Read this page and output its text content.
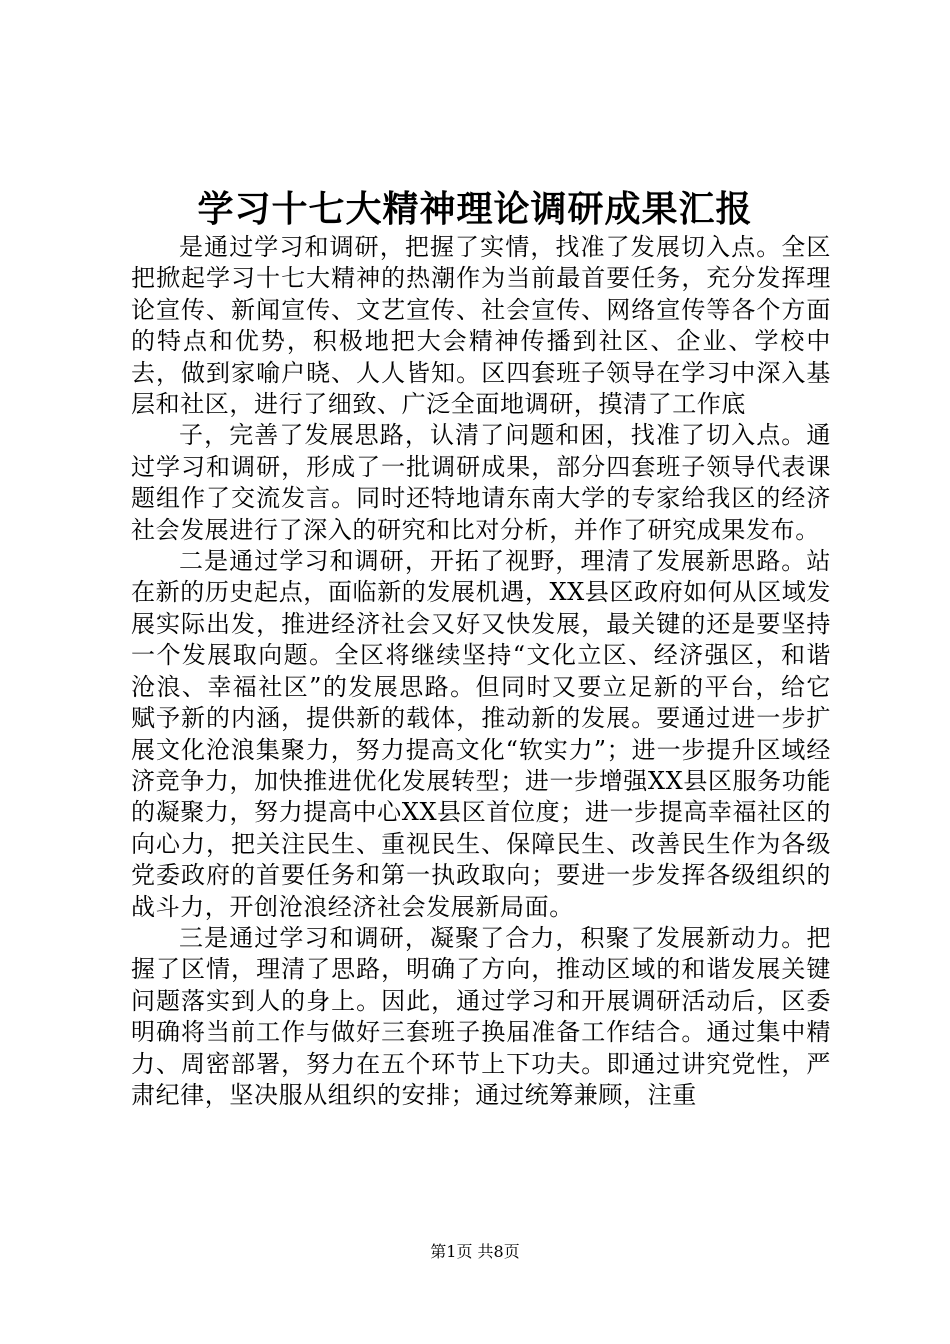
学习十七大精神理论调研成果汇报

是通过学习和调研，把握了实情，找准了发展切入点。全区把掀起学习十七大精神的热潮作为当前最首要任务，充分发挥理论宣传、新闻宣传、文艺宣传、社会宣传、网络宣传等各个方面的特点和优势，积极地把大会精神传播到社区、企业、学校中去，做到家喻户晓、人人皆知。区四套班子领导在学习中深入基层和社区，进行了细致、广泛全面地调研，摸清了工作底

子，完善了发展思路，认清了问题和困，找准了切入点。通过学习和调研，形成了一批调研成果，部分四套班子领导代表课题组作了交流发言。同时还特地请东南大学的专家给我区的经济社会发展进行了深入的研究和比对分析，并作了研究成果发布。

二是通过学习和调研，开拓了视野，理清了发展新思路。站在新的历史起点，面临新的发展机遇，XX县区政府如何从区域发展实际出发，推进经济社会又好又快发展，最关键的还是要坚持一个发展取向题。全区将继续坚持“文化立区、经济强区，和谐沧浪、幸福社区”的发展思路。但同时又要立足新的平台，给它赋予新的内涵，提供新的载体，推动新的发展。要通过进一步扩展文化沧浪集聚力，努力提高文化“软实力”；进一步提升区域经济竞争力，加快推进优化发展转型；进一步增强XX县区服务功能的凝聚力，努力提高中心XX县区首位度；进一步提高幸福社区的向心力，把关注民生、重视民生、保障民生、改善民生作为各级党委政府的首要任务和第一执政取向；要进一步发挥各级组织的战斗力，开创沧浪经济社会发展新局面。

三是通过学习和调研，凝聚了合力，积聚了发展新动力。把握了区情，理清了思路，明确了方向，推动区域的和谐发展关键问题落实到人的身上。因此，通过学习和开展调研活动后，区委明确将当前工作与做好三套班子换届准备工作结合。通过集中精力、周密部署，努力在五个环节上下功夫。即通过讲究党性，严肃纪律，坚决服从组织的安排；通过统筹兼顾，注重

第1页 共8页
